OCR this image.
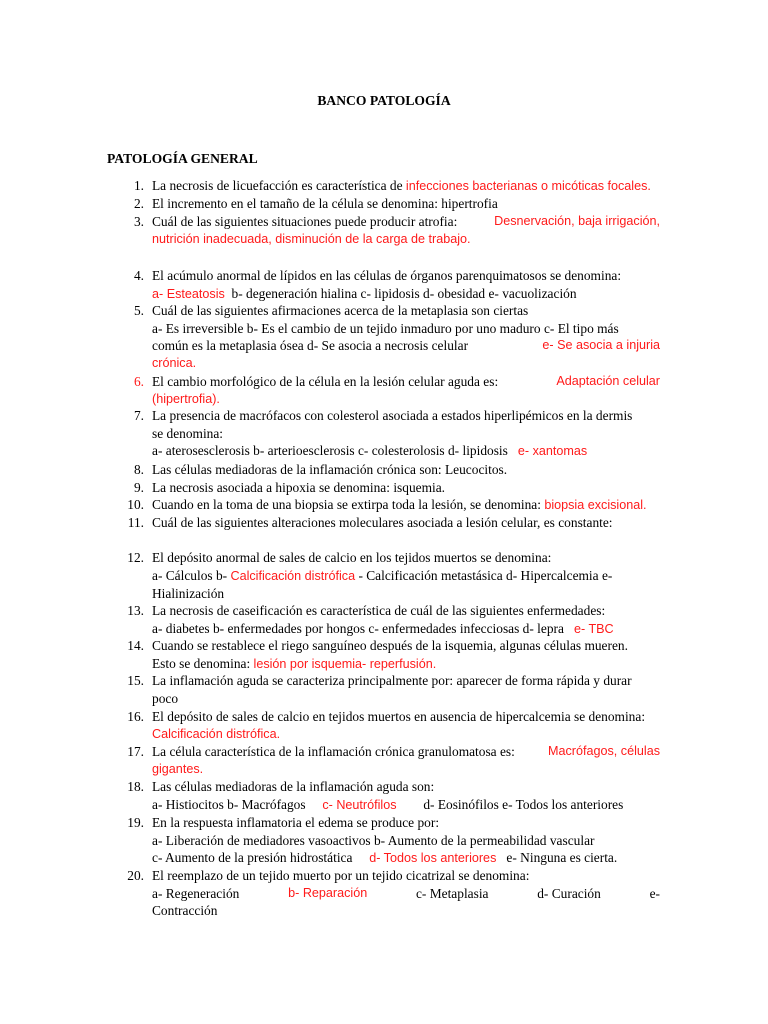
BANCO PATOLOGÍA
PATOLOGÍA GENERAL
1. La necrosis de licuefacción es característica de infecciones bacterianas o micóticas focales.
2. El incremento en el tamaño de la célula se denomina: hipertrofia
3. Cuál de las siguientes situaciones puede producir atrofia:	Desnervación, baja irrigación,
nutrición inadecuada, disminución de la carga de trabajo.
4. El acúmulo anormal de lípidos en las células de órganos parenquimatosos se denomina:
a- Esteatosis b- degeneración hialina c- lipidosis d- obesidad e- vacuolización
5. Cuál de las siguientes afirmaciones acerca de la metaplasia son ciertas
a- Es irreversible b- Es el cambio de un tejido inmaduro por uno maduro c- El tipo más
común es la metaplasia ósea d- Se asocia a necrosis celular	e- Se asocia a injuria
crónica.
6. El cambio morfológico de la célula en la lesión celular aguda es:	Adaptación celular
(hipertrofia).
7. La presencia de macrófacos con colesterol asociada a estados hiperlipémicos en la dermis
se denomina:
a- aterosesclerosis b- arterioesclerosis c- colesterolosis d- lipidosis e- xantomas
8. Las células mediadoras de la inflamación crónica son: Leucocitos.
9. La necrosis asociada a hipoxia se denomina: isquemia.
10. Cuando en la toma de una biopsia se extirpa toda la lesión, se denomina: biopsia excisional.
11. Cuál de las siguientes alteraciones moleculares asociada a lesión celular, es constante:
12. El depósito anormal de sales de calcio en los tejidos muertos se denomina:
a- Cálculos b- Calcificación distrófica - Calcificación metastásica d- Hipercalcemia e-
Hialinización
13. La necrosis de caseificación es característica de cuál de las siguientes enfermedades:
a- diabetes b- enfermedades por hongos c- enfermedades infecciosas d- lepra e- TBC
14. Cuando se restablece el riego sanguíneo después de la isquemia, algunas células mueren.
Esto se denomina: lesión por isquemia- reperfusión.
15. La inflamación aguda se caracteriza principalmente por: aparecer de forma rápida y durar
poco
16. El depósito de sales de calcio en tejidos muertos en ausencia de hipercalcemia se denomina:
Calcificación distrófica.
17. La célula característica de la inflamación crónica granulomatosa es:	Macrófagos, células
gigantes.
18. Las células mediadoras de la inflamación aguda son:
a- Histiocitos b- Macrófagos c- Neutrófilos d- Eosinófilos e- Todos los anteriores
19. En la respuesta inflamatoria el edema se produce por:
a- Liberación de mediadores vasoactivos b- Aumento de la permeabilidad vascular
c- Aumento de la presión hidrostática d- Todos los anteriores e- Ninguna es cierta.
20. El reemplazo de un tejido muerto por un tejido cicatrizal se denomina:
a- Regeneración	b- Reparación	c- Metaplasia	d- Curación	e-
Contracción
